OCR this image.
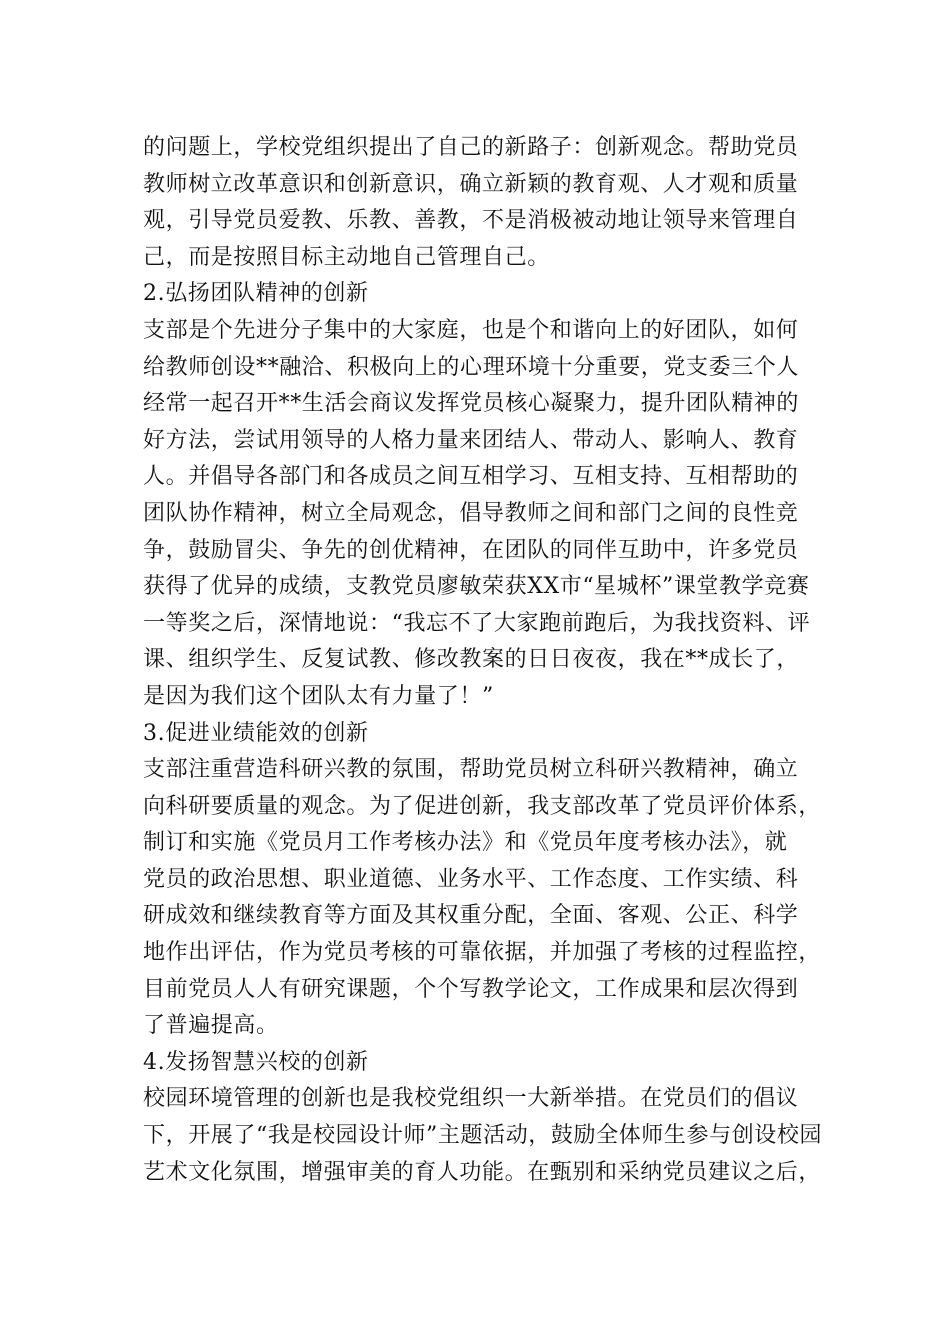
的问题上，学校党组织提出了自己的新路子：创新观念。帮助党员
教师树立改革意识和创新意识，确立新颖的教育观、人才观和质量
观，引导党员爱教、乐教、善教，不是消极被动地让领导来管理自
己，而是按照目标主动地自己管理自己。
2.弘扬团队精神的创新
支部是个先进分子集中的大家庭，也是个和谐向上的好团队，如何
给教师创设**融洽、积极向上的心理环境十分重要，党支委三个人
经常一起召开**生活会商议发挥党员核心凝聚力，提升团队精神的
好方法，尝试用领导的人格力量来团结人、带动人、影响人、教育
人。并倡导各部门和各成员之间互相学习、互相支持、互相帮助的
团队协作精神，树立全局观念，倡导教师之间和部门之间的良性竞
争，鼓励冒尖、争先的创优精神，在团队的同伴互助中，许多党员
获得了优异的成绩，支教党员廖敏荣获XX市“星城杯”课堂教学竞赛
一等奖之后，深情地说：“我忘不了大家跑前跑后，为我找资料、评
课、组织学生、反复试教、修改教案的日日夜夜，我在**成长了，
是因为我们这个团队太有力量了！”
3.促进业绩能效的创新
支部注重营造科研兴教的氛围，帮助党员树立科研兴教精神，确立
向科研要质量的观念。为了促进创新，我支部改革了党员评价体系，
制订和实施《党员月工作考核办法》和《党员年度考核办法》，就
党员的政治思想、职业道德、业务水平、工作态度、工作实绩、科
研成效和继续教育等方面及其权重分配，全面、客观、公正、科学
地作出评估，作为党员考核的可靠依据，并加强了考核的过程监控，
目前党员人人有研究课题，个个写教学论文，工作成果和层次得到
了普遍提高。
4.发扬智慧兴校的创新
校园环境管理的创新也是我校党组织一大新举措。在党员们的倡议
下，开展了“我是校园设计师”主题活动，鼓励全体师生参与创设校园
艺术文化氛围，增强审美的育人功能。在甄别和采纳党员建议之后，
